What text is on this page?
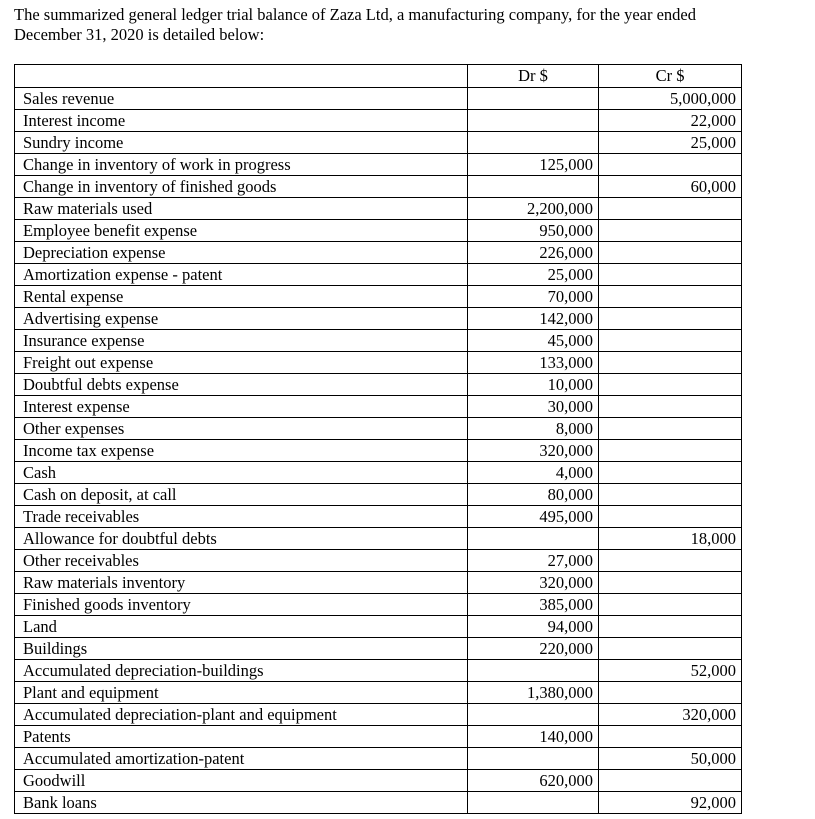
The summarized general ledger trial balance of Zaza Ltd, a manufacturing company, for the year ended
December 31, 2020 is detailed below:
	Dr $	Cr $
Sales revenue		5,000,000
Interest income		22,000
Sundry income		25,000
Change in inventory of work in progress	125,000	
Change in inventory of finished goods		60,000
Raw materials used	2,200,000	
Employee benefit expense	950,000	
Depreciation expense	226,000	
Amortization expense - patent	25,000	
Rental expense	70,000	
Advertising expense	142,000	
Insurance expense	45,000	
Freight out expense	133,000	
Doubtful debts expense	10,000	
Interest expense	30,000	
Other expenses	8,000	
Income tax expense	320,000	
Cash	4,000	
Cash on deposit, at call	80,000	
Trade receivables	495,000	
Allowance for doubtful debts		18,000
Other receivables	27,000	
Raw materials inventory	320,000	
Finished goods inventory	385,000	
Land	94,000	
Buildings	220,000	
Accumulated depreciation-buildings		52,000
Plant and equipment	1,380,000	
Accumulated depreciation-plant and equipment		320,000
Patents	140,000	
Accumulated amortization-patent		50,000
Goodwill	620,000	
Bank loans		92,000
